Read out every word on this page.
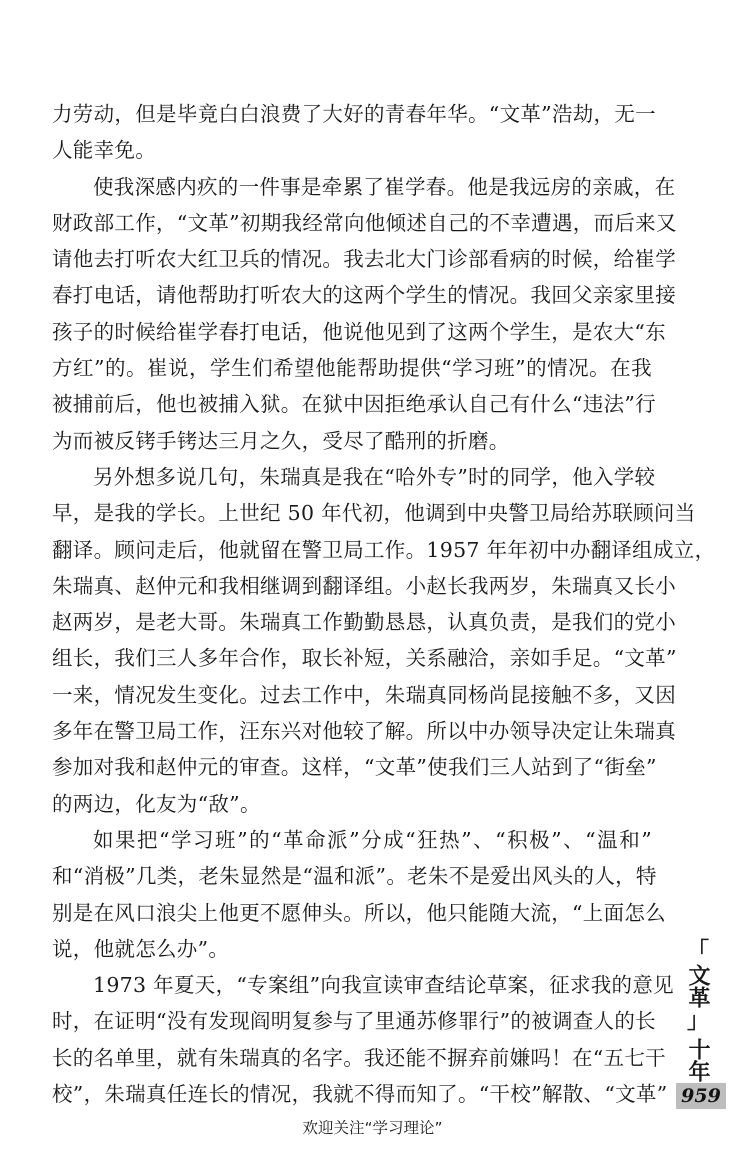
力劳动，但是毕竟白白浪费了大好的青春年华。“文革”浩劫，无一
人能幸免。
使我深感内疚的一件事是牵累了崔学春。他是我远房的亲戚，在
财政部工作，“文革”初期我经常向他倾述自己的不幸遭遇，而后来又
请他去打听农大红卫兵的情况。我去北大门诊部看病的时候，给崔学
春打电话，请他帮助打听农大的这两个学生的情况。我回父亲家里接
孩子的时候给崔学春打电话，他说他见到了这两个学生，是农大“东
方红”的。崔说，学生们希望他能帮助提供“学习班”的情况。在我
被捕前后，他也被捕入狱。在狱中因拒绝承认自己有什么“违法”行
为而被反铐手铐达三月之久，受尽了酷刑的折磨。
另外想多说几句，朱瑞真是我在“哈外专”时的同学，他入学较
早，是我的学长。上世纪 50 年代初，他调到中央警卫局给苏联顾问当
翻译。顾问走后，他就留在警卫局工作。1957 年年初中办翻译组成立，
朱瑞真、赵仲元和我相继调到翻译组。小赵长我两岁，朱瑞真又长小
赵两岁，是老大哥。朱瑞真工作勤勤恳恳，认真负责，是我们的党小
组长，我们三人多年合作，取长补短，关系融洽，亲如手足。“文革”
一来，情况发生变化。过去工作中，朱瑞真同杨尚昆接触不多，又因
多年在警卫局工作，汪东兴对他较了解。所以中办领导决定让朱瑞真
参加对我和赵仲元的审查。这样，“文革”使我们三人站到了“街垒”
的两边，化友为“敌”。
如果把“学习班”的“革命派”分成“狂热”、“积极”、“温和”
和“消极”几类，老朱显然是“温和派”。老朱不是爱出风头的人，特
别是在风口浪尖上他更不愿伸头。所以，他只能随大流，“上面怎么
说，他就怎么办”。
1973 年夏天，“专案组”向我宣读审查结论草案，征求我的意见
时，在证明“没有发现阎明复参与了里通苏修罪行”的被调查人的长
长的名单里，就有朱瑞真的名字。我还能不摒弃前嫌吗！在“五七干
校”，朱瑞真任连长的情况，我就不得而知了。“干校”解散、“文革”
「
文革
」
十年
959
欢迎关注“学习理论”
